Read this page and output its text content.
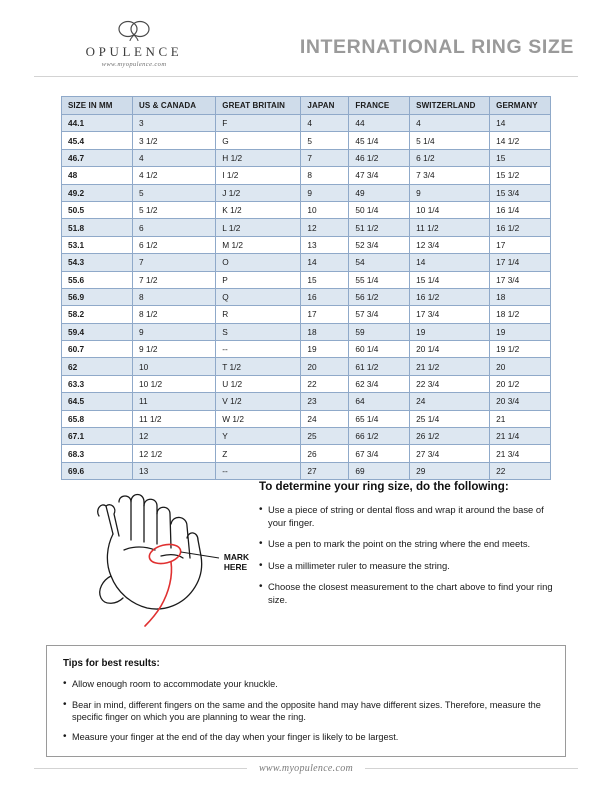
OPULENCE
www.myopulence.com
INTERNATIONAL RING SIZE
SIZE IN MM	US & CANADA	GREAT BRITAIN	JAPAN	FRANCE	SWITZERLAND	GERMANY
44.1	3	F	4	44	4	14
45.4	3 1/2	G	5	45 1/4	5 1/4	14 1/2
46.7	4	H 1/2	7	46 1/2	6 1/2	15
48	4 1/2	I 1/2	8	47 3/4	7 3/4	15 1/2
49.2	5	J 1/2	9	49	9	15 3/4
50.5	5 1/2	K 1/2	10	50 1/4	10 1/4	16 1/4
51.8	6	L 1/2	12	51 1/2	11 1/2	16 1/2
53.1	6 1/2	M 1/2	13	52 3/4	12 3/4	17
54.3	7	O	14	54	14	17 1/4
55.6	7 1/2	P	15	55 1/4	15 1/4	17 3/4
56.9	8	Q	16	56 1/2	16 1/2	18
58.2	8 1/2	R	17	57 3/4	17 3/4	18 1/2
59.4	9	S	18	59	19	19
60.7	9 1/2	--	19	60 1/4	20 1/4	19 1/2
62	10	T 1/2	20	61 1/2	21 1/2	20
63.3	10 1/2	U 1/2	22	62 3/4	22 3/4	20 1/2
64.5	11	V 1/2	23	64	24	20 3/4
65.8	11 1/2	W 1/2	24	65 1/4	25 1/4	21
67.1	12	Y	25	66 1/2	26 1/2	21 1/4
68.3	12 1/2	Z	26	67 3/4	27 3/4	21 3/4
69.6	13	--	27	69	29	22
MARK
HERE
To determine your ring size, do the following:
• Use a piece of string or dental floss and wrap it around the base of your finger.
• Use a pen to mark the point on the string where the end meets.
• Use a millimeter ruler to measure the string.
• Choose the closest measurement to the chart above to find your ring size.
Tips for best results:
• Allow enough room to accommodate your knuckle.
• Bear in mind, different fingers on the same and the opposite hand may have different sizes. Therefore, measure the specific finger on which you are planning to wear the ring.
• Measure your finger at the end of the day when your finger is likely to be largest.
www.myopulence.com
